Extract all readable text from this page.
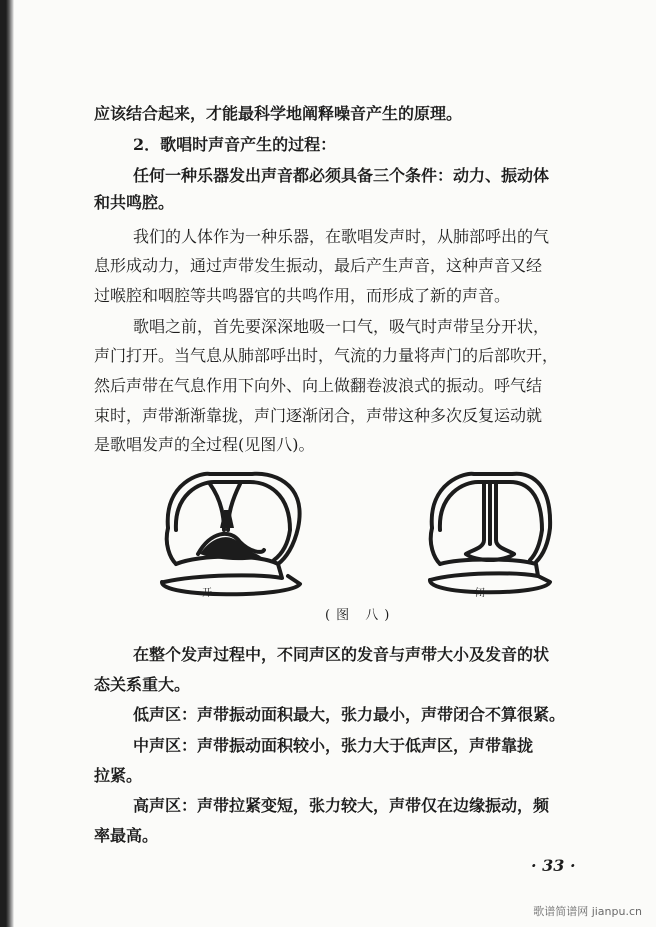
应该结合起来，才能最科学地阐释噪音产生的原理。
2．歌唱时声音产生的过程：
任何一种乐器发出声音都必须具备三个条件：动力、振动体
和共鸣腔。
我们的人体作为一种乐器，在歌唱发声时，从肺部呼出的气
息形成动力，通过声带发生振动，最后产生声音，这种声音又经
过喉腔和咽腔等共鸣器官的共鸣作用，而形成了新的声音。
歌唱之前，首先要深深地吸一口气，吸气时声带呈分开状，
声门打开。当气息从肺部呼出时，气流的力量将声门的后部吹开，
然后声带在气息作用下向外、向上做翻卷波浪式的振动。呼气结
束时，声带渐渐靠拢，声门逐渐闭合，声带这种多次反复运动就
是歌唱发声的全过程(见图八)。
开	闭
(图 八)
在整个发声过程中，不同声区的发音与声带大小及发音的状
态关系重大。
低声区：声带振动面积最大，张力最小，声带闭合不算很紧。
中声区：声带振动面积较小，张力大于低声区，声带靠拢
拉紧。
高声区：声带拉紧变短，张力较大，声带仅在边缘振动，频
率最高。
· 33 ·
歌谱简谱网 jianpu.cn
